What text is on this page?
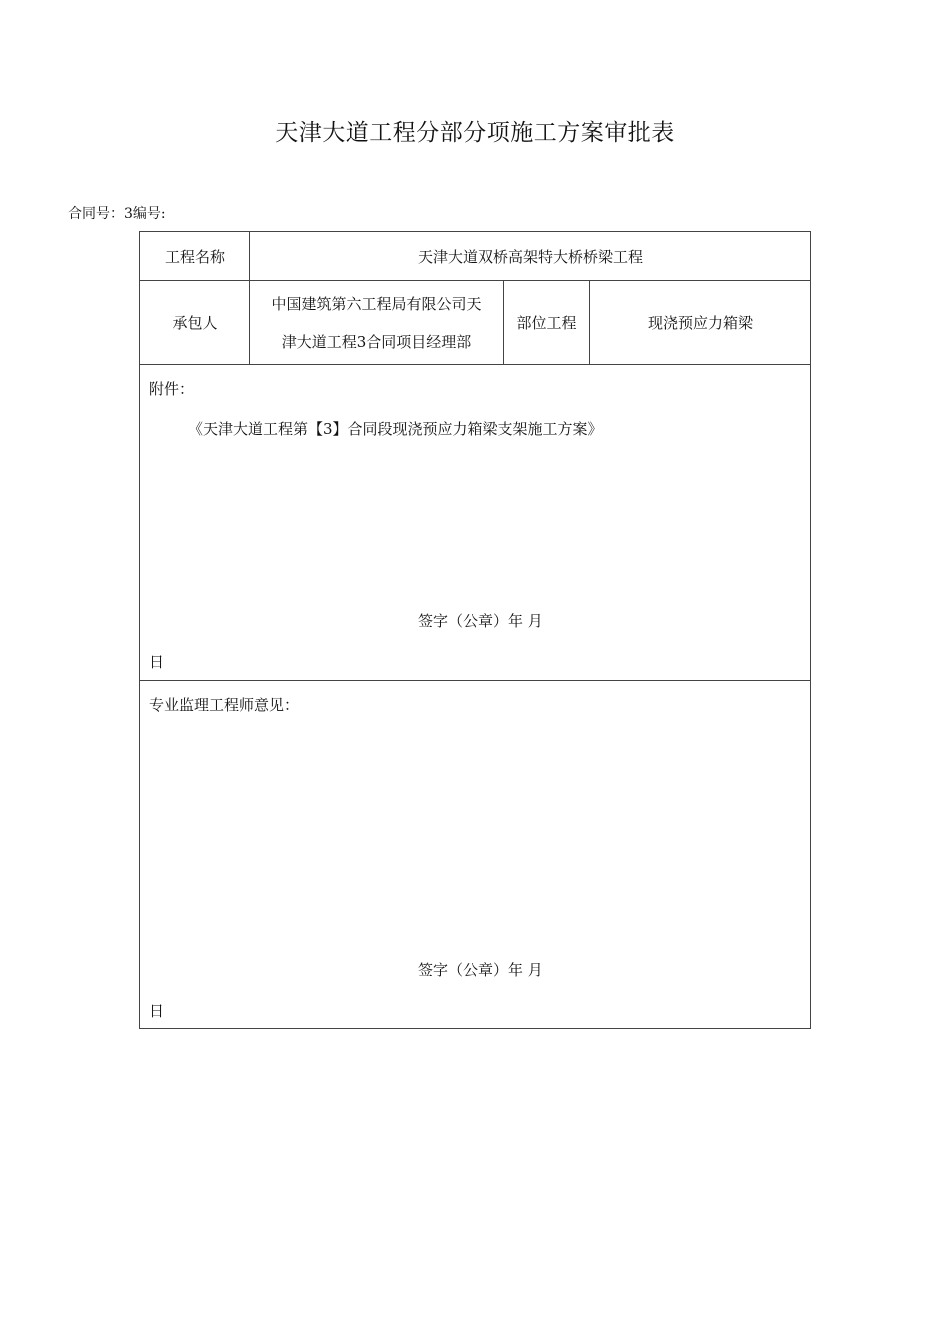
天津大道工程分部分项施工方案审批表
合同号：3编号:
工程名称	天津大道双桥高架特大桥桥梁工程
承包人
中国建筑第六工程局有限公司天
津大道工程3合同项目经理部
部位工程	现浇预应力箱梁
附件：
《天津大道工程第【3】合同段现浇预应力箱梁支架施工方案》
签字（公章）年 月
日
专业监理工程师意见：
签字（公章）年 月
日
